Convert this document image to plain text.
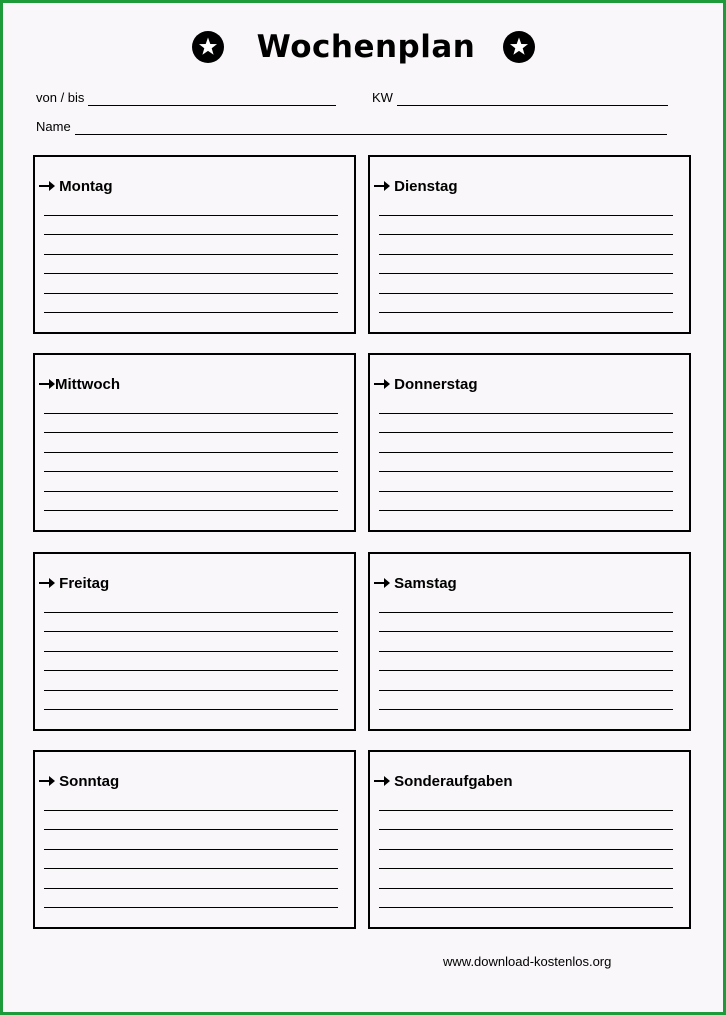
Wochenplan
von / bis	KW
Name
Montag	Dienstag
Mittwoch	Donnerstag
Freitag	Samstag
Sonntag	Sonderaufgaben
www.download-kostenlos.org
